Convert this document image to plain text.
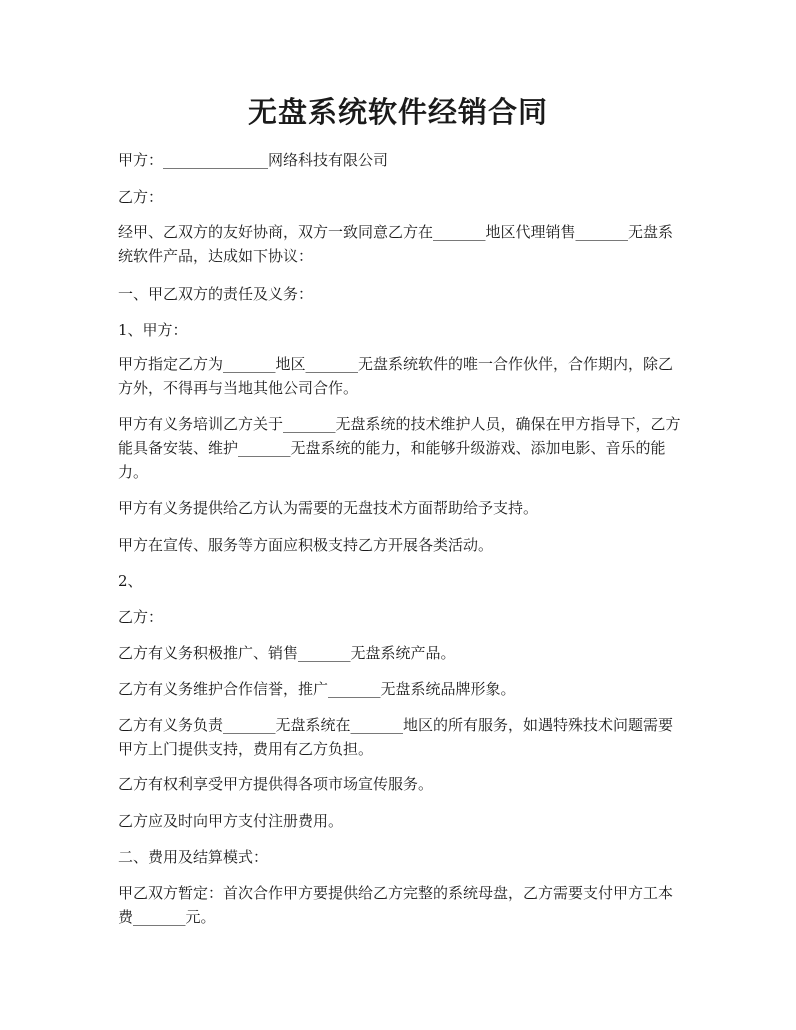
无盘系统软件经销合同

甲方：______________网络科技有限公司

乙方：

经甲、乙双方的友好协商，双方一致同意乙方在_______地区代理销售_______无盘系统软件产品，达成如下协议：

一、甲乙双方的责任及义务：

1、甲方：

甲方指定乙方为_______地区_______无盘系统软件的唯一合作伙伴，合作期内，除乙方外，不得再与当地其他公司合作。

甲方有义务培训乙方关于_______无盘系统的技术维护人员，确保在甲方指导下，乙方能具备安装、维护_______无盘系统的能力，和能够升级游戏、添加电影、音乐的能力。

甲方有义务提供给乙方认为需要的无盘技术方面帮助给予支持。

甲方在宣传、服务等方面应积极支持乙方开展各类活动。

2、

乙方：

乙方有义务积极推广、销售_______无盘系统产品。

乙方有义务维护合作信誉，推广_______无盘系统品牌形象。

乙方有义务负责_______无盘系统在_______地区的所有服务，如遇特殊技术问题需要甲方上门提供支持，费用有乙方负担。

乙方有权利享受甲方提供得各项市场宣传服务。

乙方应及时向甲方支付注册费用。

二、费用及结算模式：

甲乙双方暂定：首次合作甲方要提供给乙方完整的系统母盘，乙方需要支付甲方工本费_______元。
